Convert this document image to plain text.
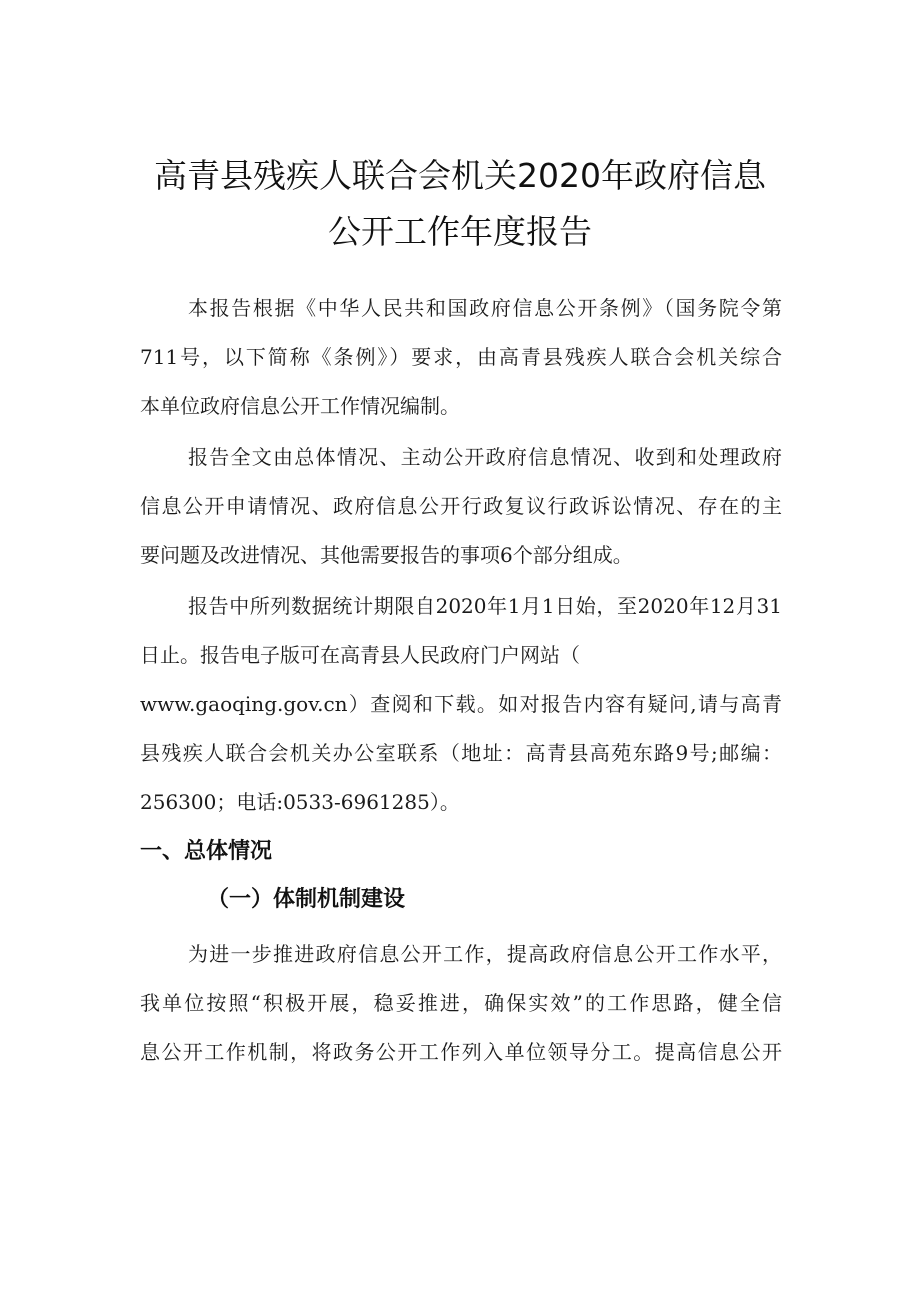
高青县残疾人联合会机关2020年政府信息
公开工作年度报告
本报告根据《中华人民共和国政府信息公开条例》（国务院令第
711号，以下简称《条例》）要求，由高青县残疾人联合会机关综合
本单位政府信息公开工作情况编制。
报告全文由总体情况、主动公开政府信息情况、收到和处理政府
信息公开申请情况、政府信息公开行政复议行政诉讼情况、存在的主
要问题及改进情况、其他需要报告的事项6个部分组成。
报告中所列数据统计期限自2020年1月1日始，至2020年12月31
日止。报告电子版可在高青县人民政府门户网站（
www.gaoqing.gov.cn）查阅和下载。如对报告内容有疑问,请与高青
县残疾人联合会机关办公室联系（地址：高青县高苑东路9号;邮编：
256300；电话:0533-6961285）。
一、总体情况
（一）体制机制建设
为进一步推进政府信息公开工作，提高政府信息公开工作水平，
我单位按照“积极开展，稳妥推进，确保实效”的工作思路，健全信
息公开工作机制，将政务公开工作列入单位领导分工。提高信息公开
